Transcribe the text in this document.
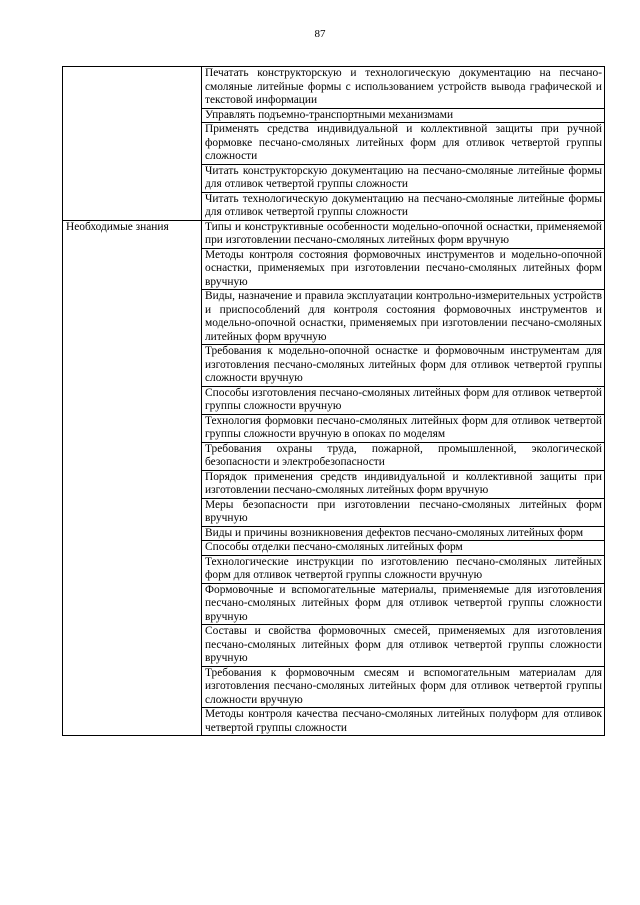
87

	Печатать конструкторскую и технологическую документацию на песчано-смоляные литейные формы с использованием устройств вывода графической и текстовой информации

	Управлять подъемно-транспортными механизмами

	Применять средства индивидуальной и коллективной защиты при ручной формовке песчано-смоляных литейных форм для отливок четвертой группы сложности

	Читать конструкторскую документацию на песчано-смоляные литейные формы для отливок четвертой группы сложности

	Читать технологическую документацию на песчано-смоляные литейные формы для отливок четвертой группы сложности

Необходимые знания	Типы и конструктивные особенности модельно-опочной оснастки, применяемой при изготовлении песчано-смоляных литейных форм вручную

	Методы контроля состояния формовочных инструментов и модельно-опочной оснастки, применяемых при изготовлении песчано-смоляных литейных форм вручную

	Виды, назначение и правила эксплуатации контрольно-измерительных устройств и приспособлений для контроля состояния формовочных инструментов и модельно-опочной оснастки, применяемых при изготовлении песчано-смоляных литейных форм вручную

	Требования к модельно-опочной оснастке и формовочным инструментам для изготовления песчано-смоляных литейных форм для отливок четвертой группы сложности вручную

	Способы изготовления песчано-смоляных литейных форм для отливок четвертой группы сложности вручную

	Технология формовки песчано-смоляных литейных форм для отливок четвертой группы сложности вручную в опоках по моделям

	Требования охраны труда, пожарной, промышленной, экологической безопасности и электробезопасности

	Порядок применения средств индивидуальной и коллективной защиты при изготовлении песчано-смоляных литейных форм вручную

	Меры безопасности при изготовлении песчано-смоляных литейных форм вручную

	Виды и причины возникновения дефектов песчано-смоляных литейных форм

	Способы отделки песчано-смоляных литейных форм

	Технологические инструкции по изготовлению песчано-смоляных литейных форм для отливок четвертой группы сложности вручную

	Формовочные и вспомогательные материалы, применяемые для изготовления песчано-смоляных литейных форм для отливок четвертой группы сложности вручную

	Составы и свойства формовочных смесей, применяемых для изготовления песчано-смоляных литейных форм для отливок четвертой группы сложности вручную

	Требования к формовочным смесям и вспомогательным материалам для изготовления песчано-смоляных литейных форм для отливок четвертой группы сложности вручную

	Методы контроля качества песчано-смоляных литейных полуформ для отливок четвертой группы сложности
